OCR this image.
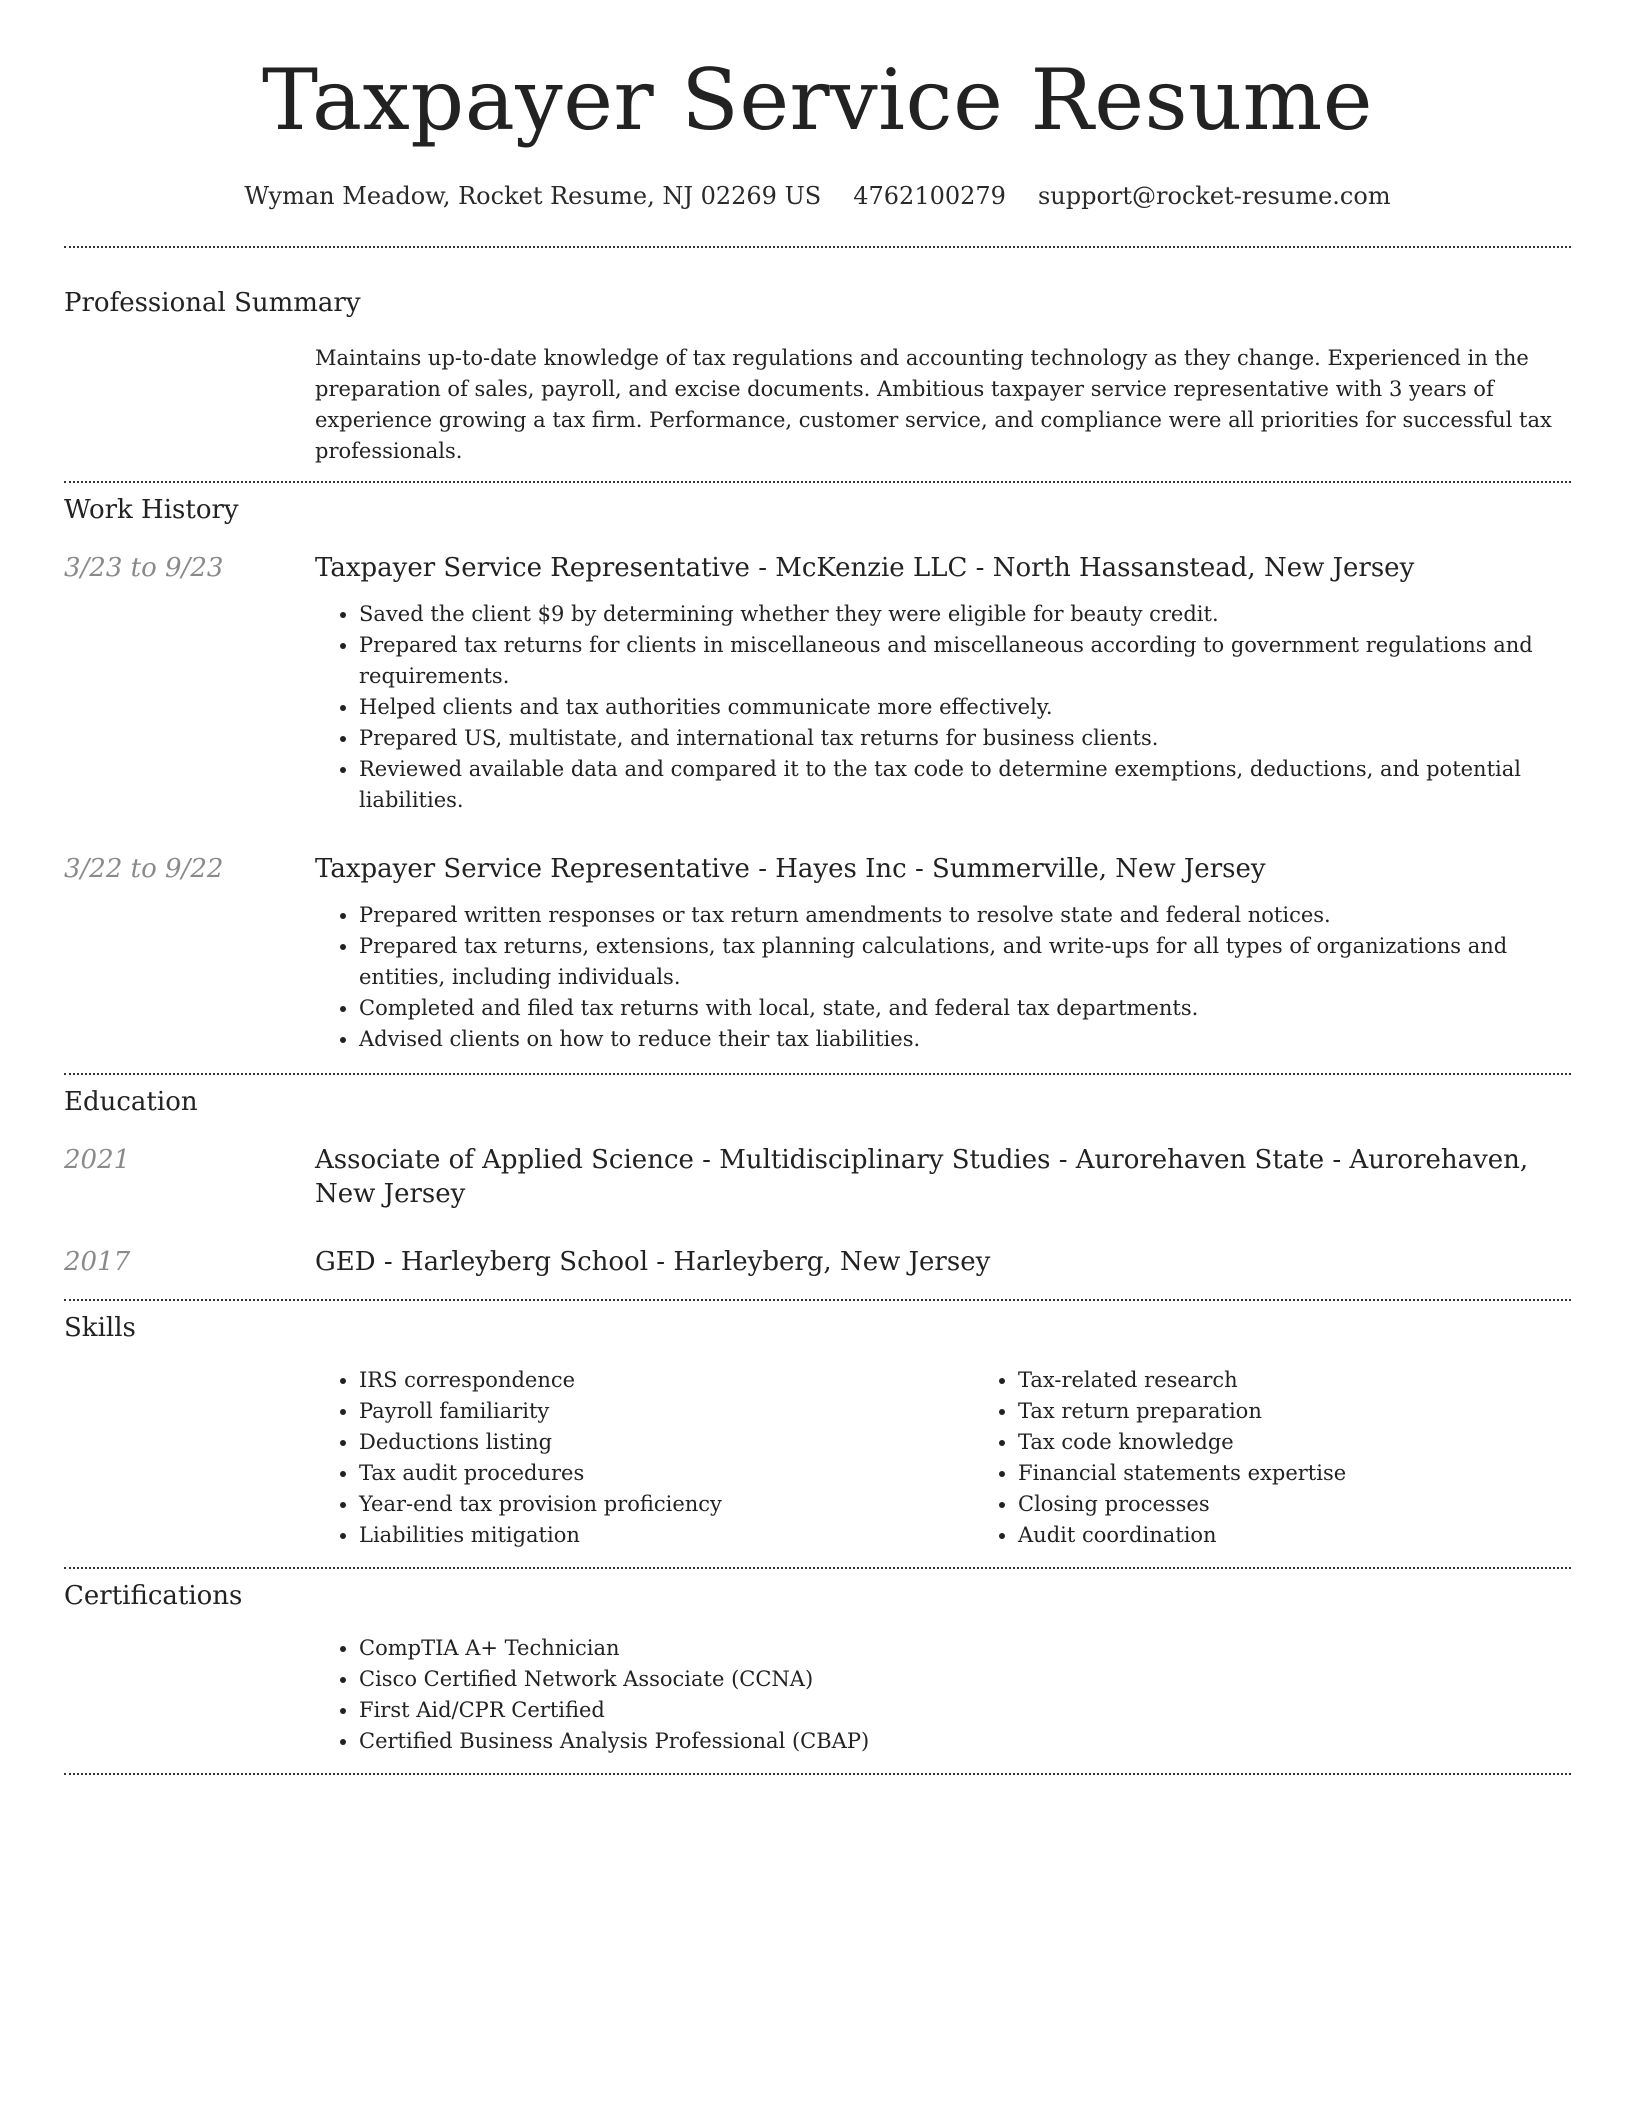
Taxpayer Service Resume
Wyman Meadow, Rocket Resume, NJ 02269 US 4762100279 support@rocket-resume.com
Professional Summary

Maintains up-to-date knowledge of tax regulations and accounting technology as they change. Experienced in the preparation of sales, payroll, and excise documents. Ambitious taxpayer service representative with 3 years of experience growing a tax firm. Performance, customer service, and compliance were all priorities for successful tax professionals.

Work History
3/23 to 9/23	Taxpayer Service Representative - McKenzie LLC - North Hassanstead, New Jersey
• Saved the client $9 by determining whether they were eligible for beauty credit.
• Prepared tax returns for clients in miscellaneous and miscellaneous according to government regulations and requirements.
• Helped clients and tax authorities communicate more effectively.
• Prepared US, multistate, and international tax returns for business clients.
• Reviewed available data and compared it to the tax code to determine exemptions, deductions, and potential liabilities.
3/22 to 9/22	Taxpayer Service Representative - Hayes Inc - Summerville, New Jersey
• Prepared written responses or tax return amendments to resolve state and federal notices.
• Prepared tax returns, extensions, tax planning calculations, and write-ups for all types of organizations and entities, including individuals.
• Completed and filed tax returns with local, state, and federal tax departments.
• Advised clients on how to reduce their tax liabilities.
Education
2021	Associate of Applied Science - Multidisciplinary Studies - Aurorehaven State - Aurorehaven, New Jersey
2017	GED - Harleyberg School - Harleyberg, New Jersey
Skills
• IRS correspondence
• Payroll familiarity
• Deductions listing
• Tax audit procedures
• Year-end tax provision proficiency
• Liabilities mitigation
• Tax-related research
• Tax return preparation
• Tax code knowledge
• Financial statements expertise
• Closing processes
• Audit coordination
Certifications
• CompTIA A+ Technician
• Cisco Certified Network Associate (CCNA)
• First Aid/CPR Certified
• Certified Business Analysis Professional (CBAP)
